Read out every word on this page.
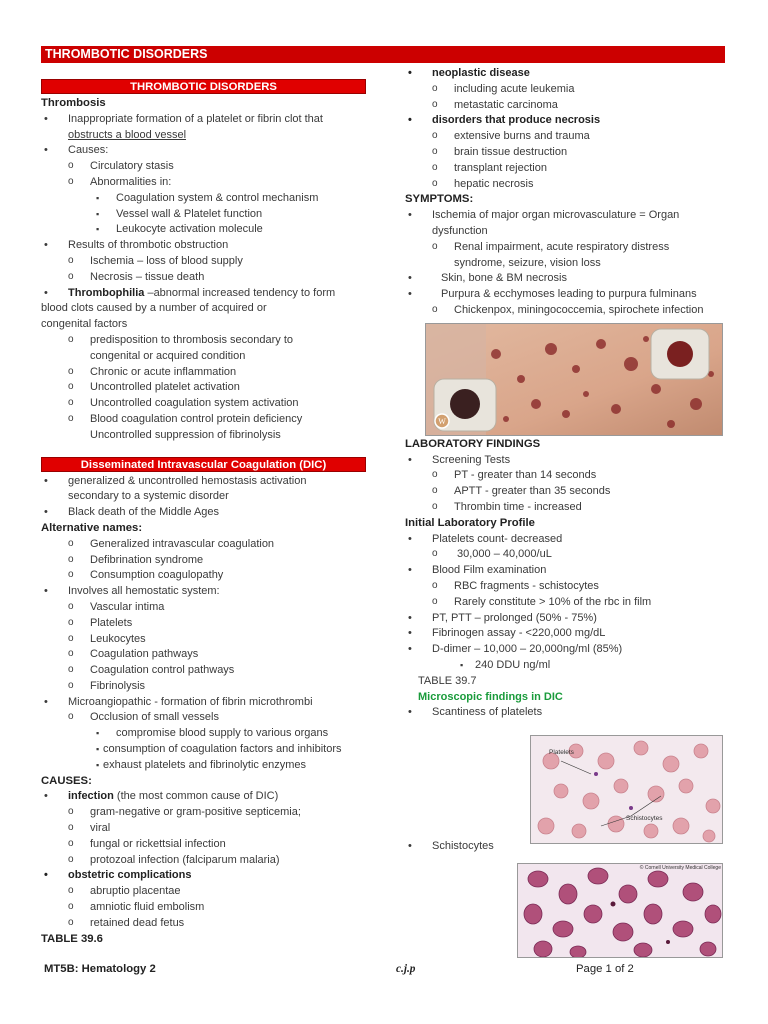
THROMBOTIC DISORDERS
THROMBOTIC DISORDERS
Thrombosis
• Inappropriate formation of a platelet or fibrin clot that
obstructs a blood vessel
• Causes:
o Circulatory stasis
o Abnormalities in:
▪ Coagulation system & control mechanism
▪ Vessel wall & Platelet function
▪ Leukocyte activation molecule
• Results of thrombotic obstruction
o Ischemia – loss of blood supply
o Necrosis – tissue death
• Thrombophilia –abnormal increased tendency to form
blood clots caused by a number of acquired or
congenital factors
o predisposition to thrombosis secondary to
congenital or acquired condition
o Chronic or acute inflammation
o Uncontrolled platelet activation
o Uncontrolled coagulation system activation
o Blood coagulation control protein deficiency
Uncontrolled suppression of fibrinolysis
Disseminated Intravascular Coagulation (DIC)
• generalized & uncontrolled hemostasis activation
secondary to a systemic disorder
• Black death of the Middle Ages
Alternative names:
o Generalized intravascular coagulation
o Defibrination syndrome
o Consumption coagulopathy
• Involves all hemostatic system:
o Vascular intima
o Platelets
o Leukocytes
o Coagulation pathways
o Coagulation control pathways
o Fibrinolysis
• Microangiopathic - formation of fibrin microthrombi
o Occlusion of small vessels
▪ compromise blood supply to various organs
▪ consumption of coagulation factors and inhibitors
▪ exhaust platelets and fibrinolytic enzymes
CAUSES:
• infection (the most common cause of DIC)
o gram-negative or gram-positive septicemia;
o viral
o fungal or rickettsial infection
o protozoal infection (falciparum malaria)
• obstetric complications
o abruptio placentae
o amniotic fluid embolism
o retained dead fetus
TABLE 39.6
• neoplastic disease
o including acute leukemia
o metastatic carcinoma
• disorders that produce necrosis
o extensive burns and trauma
o brain tissue destruction
o transplant rejection
o hepatic necrosis
SYMPTOMS:
• Ischemia of major organ microvasculature = Organ
dysfunction
o Renal impairment, acute respiratory distress
syndrome, seizure, vision loss
• Skin, bone & BM necrosis
• Purpura & ecchymoses leading to purpura fulminans
o Chickenpox, miningococcemia, spirochete infection
LABORATORY FINDINGS
• Screening Tests
o PT - greater than 14 seconds
o APTT - greater than 35 seconds
o Thrombin time - increased
Initial Laboratory Profile
• Platelets count- decreased
o 30,000 – 40,000/uL
• Blood Film examination
o RBC fragments - schistocytes
o Rarely constitute > 10% of the rbc in film
• PT, PTT – prolonged (50% - 75%)
• Fibrinogen assay - <220,000 mg/dL
• D-dimer – 10,000 – 20,000ng/ml (85%)
▪ 240 DDU ng/ml
TABLE 39.7
Microscopic findings in DIC
• Scantiness of platelets
• Schistocytes
W
Platelets
Schistocytes
© Cornell University Medical College
MT5B: Hematology 2	c.j.p	Page 1 of 2
